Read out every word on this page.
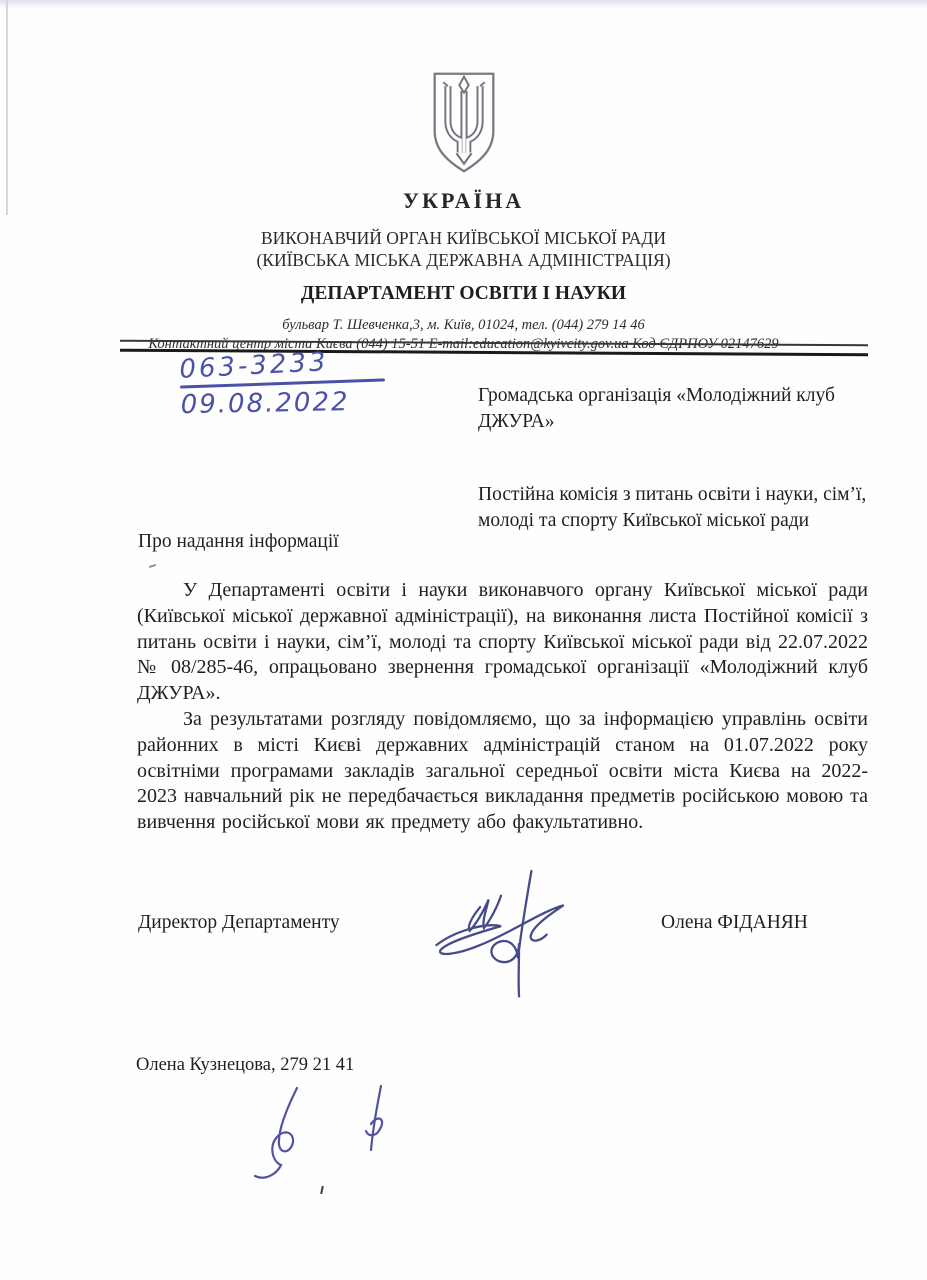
УКРАЇНА
ВИКОНАВЧИЙ ОРГАН КИЇВСЬКОЇ МІСЬКОЇ РАДИ
(КИЇВСЬКА МІСЬКА ДЕРЖАВНА АДМІНІСТРАЦІЯ)
ДЕПАРТАМЕНТ ОСВІТИ І НАУКИ
бульвар Т. Шевченка,3, м. Київ, 01024, тел. (044) 279 14 46
Контактний центр міста Києва (044) 15-51 E-mail:education@kyivcity.gov.ua Код ЄДРПОУ 02147629
063-3233
09.08.2022	Громадська організація «Молодіжний клуб ДЖУРА»
Постійна комісія з питань освіти і науки, сім’ї, молоді та спорту Київської міської ради
Про надання інформації

У Департаменті освіти і науки виконавчого органу Київської міської ради (Київської міської державної адміністрації), на виконання листа Постійної комісії з питань освіти і науки, сім’ї, молоді та спорту Київської міської ради від 22.07.2022 № 08/285-46, опрацьовано звернення громадської організації «Молодіжний клуб ДЖУРА».

За результатами розгляду повідомляємо, що за інформацією управлінь освіти районних в місті Києві державних адміністрацій станом на 01.07.2022 року освітніми програмами закладів загальної середньої освіти міста Києва на 2022-2023 навчальний рік не передбачається викладання предметів російською мовою та вивчення російської мови як предмету або факультативно.

Директор Департаменту	Олена ФІДАНЯН
Олена Кузнецова, 279 21 41
